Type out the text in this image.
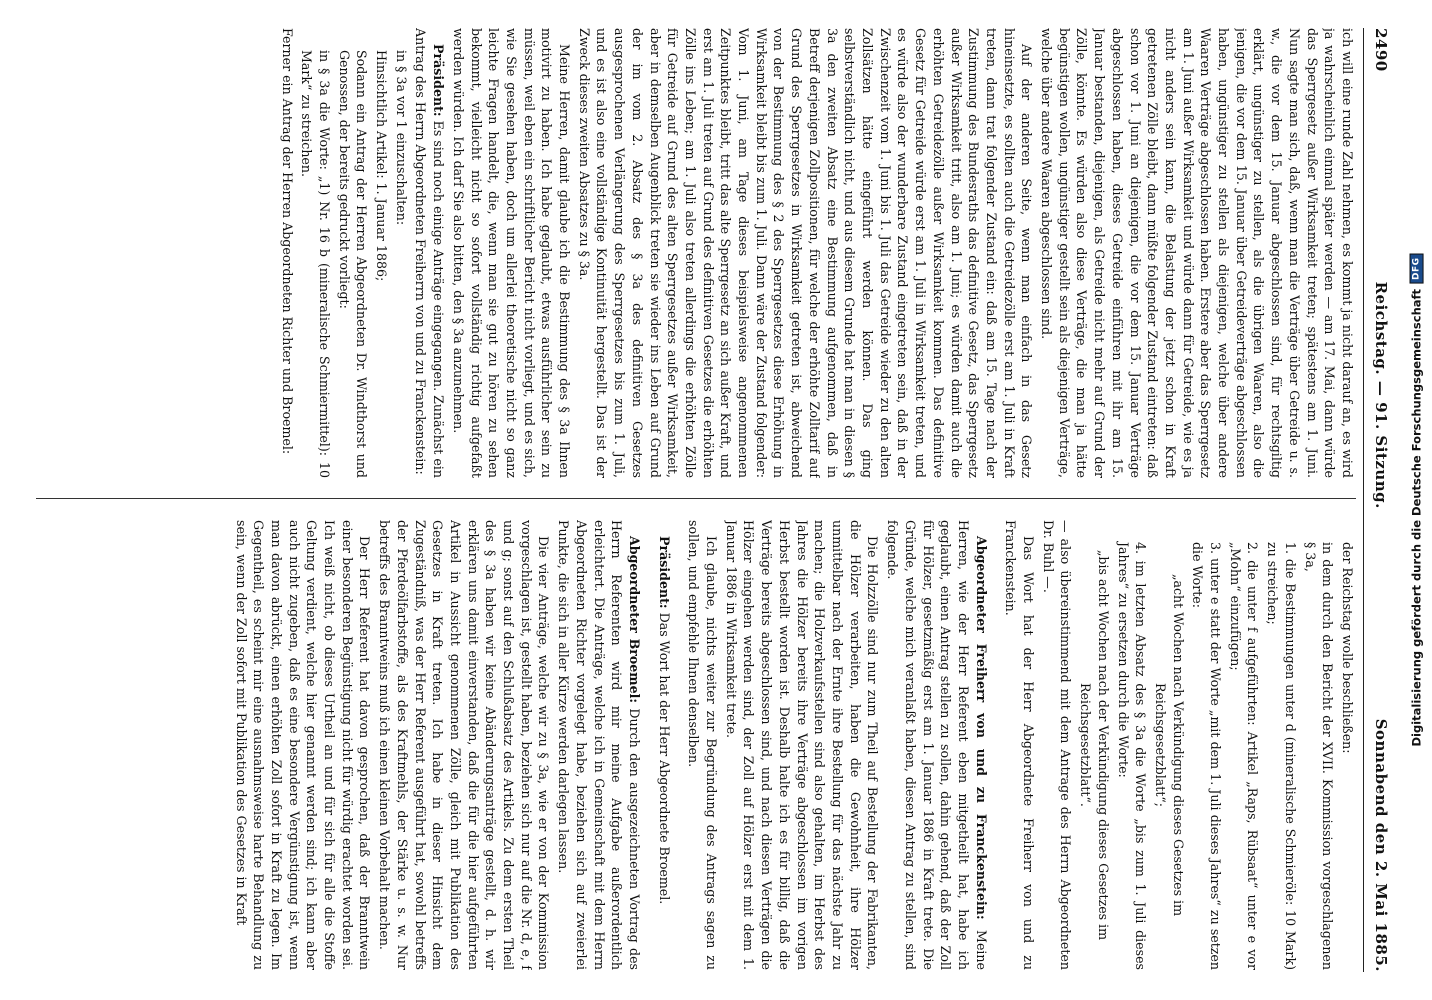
2490
Reichstag. — 91. Sitzung.
Sonnabend den 2. Mai 1885.

ich will eine runde Zahl nehmen, es kommt ja nicht darauf an, es wird ja wahrscheinlich einmal später werden — am 17. Mai, dann würde das Sperrgesetz außer Wirksamkeit treten; spätestens am 1. Juni. Nun sagte man sich, daß, wenn man die Verträge über Getreide u. s. w., die vor dem 15. Januar abgeschlossen sind, für rechtsgiltig erklärt, ungünstiger zu stellen, als die übrigen Waaren, also die jenigen, die vor dem 15. Januar über Getreideverträge abgeschlossen haben, ungünstiger zu stellen als diejenigen, welche über andere Waaren Verträge abgeschlossen haben. Erstere aber das Sperrgesetz am 1. Juni außer Wirksamkeit und würde dann für Getreide, wie es ja nicht anders sein kann, die Belastung der jetzt schon in Kraft getretenen Zölle bleibt, dann müßte folgender Zustand eintreten: daß schon vor 1. Juni an diejenigen, die vor dem 15. Januar Verträge abgeschlossen haben, dieses Getreide einführen mit ihr am 15. Januar bestanden, diejenigen, als Getreide nicht mehr auf Grund der Zölle, könnte. Es würden also diese Verträge, die man ja hätte begünstigen wollen, ungünstiger gestellt sein als diejenigen Verträge, welche über andere Waaren abgeschlossen sind.

Auf der anderen Seite, wenn man einfach in das Gesetz hineinsetzte, es sollten auch die Getreidezölle erst am 1. Juli in Kraft treten, dann trat folgender Zustand ein: daß am 15. Tage nach der Zustimmung des Bundesraths das definitive Gesetz, das Sperrgesetz außer Wirksamkeit tritt, also am 1. Juni; es würden damit auch die erhöhten Getreidezölle außer Wirksamkeit kommen. Das definitive Gesetz für Getreide würde erst am 1. Juli in Wirksamkeit treten, und es würde also der wunderbare Zustand eingetreten sein, daß in der Zwischenzeit vom 1. Juni bis 1. Juli das Getreide wieder zu den alten Zollsätzen hätte eingeführt werden können. Das ging selbstverständlich nicht, und aus diesem Grunde hat man in diesen § 3a den zweiten Absatz eine Bestimmung aufgenommen, daß in Betreff derjenigen Zollpositionen, für welche der erhöhte Zolltarif auf Grund des Sperrgesetzes in Wirksamkeit getreten ist, abweichend von der Bestimmung des § 2 des Sperrgesetzes diese Erhöhung in Wirksamkeit bleibt bis zum 1. Juli. Dann wäre der Zustand folgender: Vom 1. Juni, am Tage dieses beispielsweise angenommenen Zeitpunktes bleibt, tritt das alte Sperrgesetz an sich außer Kraft, und erst am 1. Juli treten auf Grund des definitiven Gesetzes die erhöhten Zölle ins Leben; am 1. Juli also treten allerdings die erhöhten Zölle für Getreide auf Grund des alten Sperrgesetzes außer Wirksamkeit, aber in demselben Augenblick treten sie wieder ins Leben auf Grund der im vom 2. Absatz des § 3a des definitiven Gesetzes ausgesprochenen Verlängerung des Sperrgesetzes bis zum 1. Juli, und es ist also eine vollständige Kontinuität hergestellt. Das ist der Zweck dieses zweiten Absatzes zu § 3a.

Meine Herren, damit glaube ich die Bestimmung des § 3a Ihnen motivirt zu haben. Ich habe geglaubt, etwas ausführlicher sein zu müssen, weil eben ein schriftlicher Bericht nicht vorliegt, und es sich, wie Sie gesehen haben, doch um allerlei theoretische nicht so ganz leichte Fragen handelt, die, wenn man sie gut zu hören zu sehen bekommt, vielleicht nicht so sofort vollständig richtig aufgefaßt werden würden. Ich darf Sie also bitten, den § 3a anzunehmen.

Präsident: Es sind noch einige Anträge eingegangen. Zunächst ein Antrag des Herrn Abgeordneten Freiherrn von und zu Franckenstein:

in § 3a vor 1 einzuschalten:

Hinsichtlich Artikel: 1. Januar 1886;

Sodann ein Antrag der Herren Abgeordneten Dr. Windthorst und Genossen, der bereits gedruckt vorliegt:

in § 3a die Worte: „1) Nr. 16 b (mineralische Schmiermittel): 10 Mark“ zu streichen.

Ferner ein Antrag der Herren Abgeordneten Richter und Broemel:

der Reichstag wolle beschließen:

in dem durch den Bericht der XVII. Kommission vorgeschlagenen § 3a,

1. die Bestimmungen unter d (mineralische Schmieröle: 10 Mark) zu streichen;

2. die unter f aufgeführten: Artikel „Raps, Rübsaat“ unter e vor „Mohn“ einzufügen;

3. unter e statt der Worte „mit dem 1. Juli dieses Jahres“ zu setzen die Worte:

„acht Wochen nach Verkündigung dieses Gesetzes im Reichsgesetzblatt“;

4. im letzten Absatz des § 3a die Worte „bis zum 1. Juli dieses Jahres“ zu ersetzen durch die Worte:

„bis acht Wochen nach der Verkündigung dieses Gesetzes im Reichsgesetzblatt“.

— also übereinstimmend mit dem Antrage des Herrn Abgeordneten Dr. Buhl —.

Das Wort hat der Herr Abgeordnete Freiherr von und zu Franckenstein.

Abgeordneter Freiherr von und zu Franckenstein: Meine Herren, wie der Herr Referent eben mitgetheilt hat, habe ich geglaubt, einen Antrag stellen zu sollen, dahin gehend, daß der Zoll für Hölzer, gesetzmäßig erst am 1. Januar 1886 in Kraft trete. Die Gründe, welche mich veranlaßt haben, diesen Antrag zu stellen, sind folgende.

Die Holzzölle sind nur zum Theil auf Bestellung der Fabrikanten, die Hölzer verarbeiten, haben die Gewohnheit, ihre Hölzer unmittelbar nach der Ernte ihre Bestellung für das nächste Jahr zu machen; die Holzverkaufsstellen sind also gehalten, im Herbst des Jahres die Hölzer bereits ihre Verträge abgeschlossen im vorigen Herbst bestellt worden ist. Deshalb halte ich es für billig, daß die Verträge bereits abgeschlossen sind, und nach diesen Verträgen die Hölzer eingehen werden sind, der Zoll auf Hölzer erst mit dem 1. Januar 1886 in Wirksamkeit trete.

Ich glaube, nichts weiter zur Begründung des Antrags sagen zu sollen, und empfehle Ihnen denselben.

Präsident: Das Wort hat der Herr Abgeordnete Broemel.

Abgeordneter Broemel: Durch den ausgezeichneten Vortrag des Herrn Referenten wird mir meine Aufgabe außerordentlich erleichtert. Die Anträge, welche ich in Gemeinschaft mit dem Herrn Abgeordneten Richter vorgelegt habe, beziehen sich auf zweierlei Punkte, die sich in aller Kürze werden darlegen lassen.

Die vier Anträge, welche wir zu § 3a, wie er von der Kommission vorgeschlagen ist, gestellt haben, beziehen sich nur auf die Nr. d, e, f und g; sonst auf den Schlußabsatz des Artikels. Zu dem ersten Theil des § 3a haben wir keine Abänderungsanträge gestellt, d. h. wir erklären uns damit einverstanden, daß die für die hier aufgeführten Artikel in Aussicht genommenen Zölle, gleich mit Publikation des Gesetzes in Kraft treten. Ich habe in dieser Hinsicht dem Zugeständniß, was der Herr Referent ausgeführt hat, sowohl betreffs der Pferdeölfarbstoffe, als des Kraftmehls, der Stärke u. s. w. Nur betreffs des Branntweins muß ich einen kleinen Vorbehalt machen.

Der Herr Referent hat davon gesprochen, daß der Branntwein einer besonderen Begünstigung nicht für würdig erachtet worden sei. Ich weiß nicht, ob dieses Urtheil an und für sich für alle die Stoffe Geltung verdient, welche hier genannt werden sind; ich kann aber auch nicht zugeben, daß es eine besondere Vergünstigung ist, wenn man davon abrückt, einen erhöhten Zoll sofort in Kraft zu legen. Im Gegentheil, es scheint mir eine ausnahmsweise harte Behandlung zu sein, wenn der Zoll sofort mit Publikation des Gesetzes in Kraft	Digitalisierung gefördert durch die Deutsche Forschungsgemeinschaft
DFG
